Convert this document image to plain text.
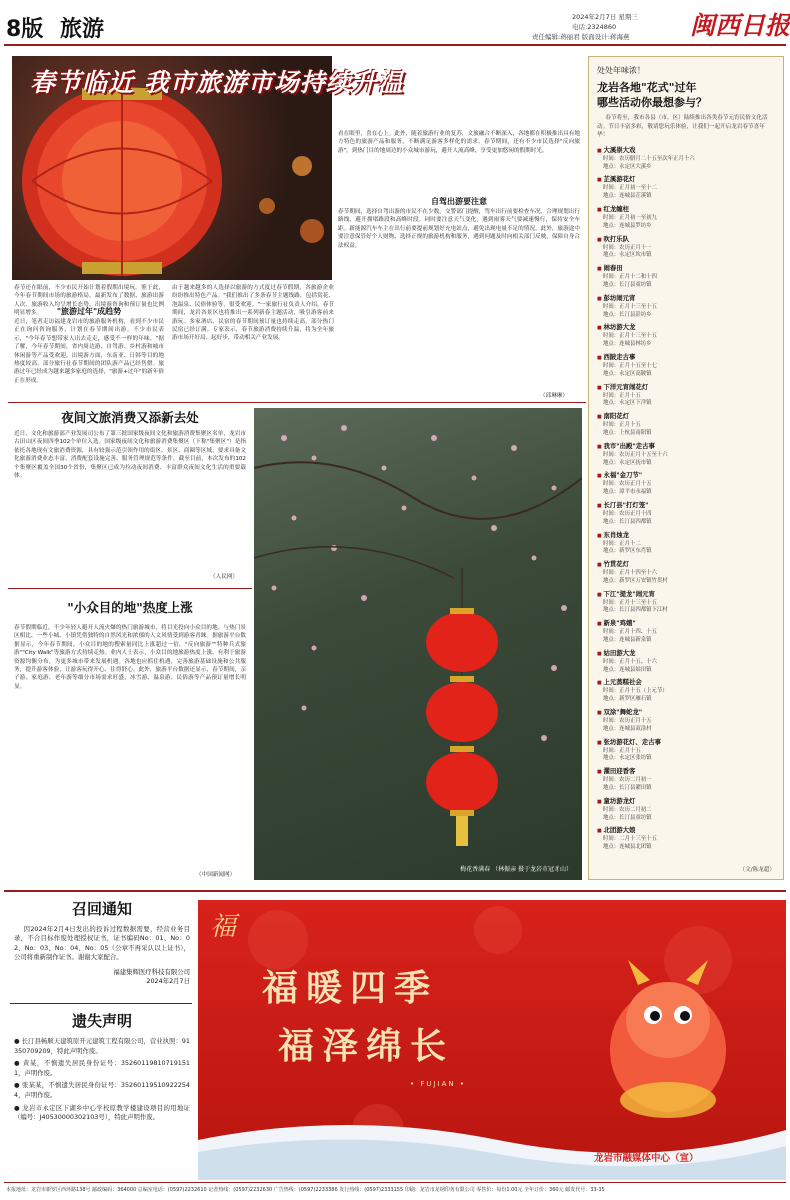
8版 旅游	2024年2月7日 星期三
电话:2324860
责任编辑:蒋丽君 版面设计:蒋海燕 闽西日报
春节临近 我市旅游市场持续升温
春节还在眼前，不少市民开始计划着假期出境玩。鉴于此，今年春节期间市场的旅游格局，最新发布了数据，旅游出游人次、旅游收入均呈增长态势，出境游咨询和预订量也比例明显增多。	"旅游过年"成趋势
近日，笔者走访福建龙岩市的旅游服务机构，看到不少市民正在询问咨询服务，计划在春节期间出游。不少市民表示，"今年春节想带家人出去走走，感受不一样的年味。"据了解，今年春节期间，省内周边游、自驾游、乡村游和城市休闲游等产品受欢迎，出境游方面，东南亚、日韩等目的地热度较高，部分旅行社春节期间的团队游产品已经售罄。旅游过年已经成为越来越多家庭的选择，"旅游+过年"的新年俗正在形成。
由于越来越多的人选择以旅游的方式度过春节假期，各旅游企业纷纷推出特色产品。"我们推出了多条春节主题线路，包括赏花、泡温泉、民俗体验等，很受欢迎。"一家旅行社负责人介绍，春节期间，龙岩各景区也将推出一系列新春主题活动，吸引游客前来游玩。多家酒店、民宿的春节期间预订量也持续走高，部分热门民宿已经订满。专家表示，春节旅游消费持续升温，将为全年旅游市场开好局、起好步，带动相关产业发展。
看在眼里，喜在心上。此外，随着旅游行业的复苏，文旅融合不断深入，各地都在积极推出具有地方特色的旅游产品和服务，不断满足游客多样化的需求。春节期间，还有不少市民选择"反向旅游"，到热门目的地周边的小众城市游玩，避开人流高峰，享受更加悠闲的假期时光。
自驾出游要注意
春节期间，选择自驾出游的市民不在少数。交警部门提醒，驾车出行前要检查车况，合理规划出行路线，避开拥堵路段和高峰时段。同时要注意天气变化，遇到雨雾天气要减速慢行，保持安全车距。新能源汽车车主在出行前要提前规划好充电站点，避免出现电量不足的情况。此外，旅游途中要注意保管好个人财物，选择正规的旅游机构和服务，遇到问题及时向相关部门反映，保障自身合法权益。
（邱琳琳）
夜间文旅消费又添新去处
近日，文化和旅游部产业发展司公布了第三批国家级夜间文化和旅游消费集聚区名单，龙岩市古田山区夜间四季102个单位入选。国家级夜间文化和旅游消费集聚区（下称"集聚区"）是指依托各地现有文旅消费资源，具有较强示范引领作用的街区、景区、商圈等区域，要求具备文化旅游消费业态丰富、消费配套设施完善、服务管理规范等条件。截至目前，本次发布的102个集聚区覆盖全国30个省份，集聚区已成为拉动夜间消费、丰富群众夜间文化生活的重要载体。
（人民网）
"小众目的地"热度上涨
春节假期临近，不少年轻人避开人流火爆的热门旅游城市，将目光投向小众目的地。与热门景区相比，一些小城、小镇凭借独特的自然风光和浓郁的人文风情受到游客青睐。据旅游平台数据显示，今年春节期间，小众目的地的搜索量同比上涨超过一倍，"反向旅游""特种兵式旅游""City Walk"等旅游方式持续走热。业内人士表示，小众目的地旅游热度上涨，有利于旅游资源均衡分布，为更多城市带来发展机遇。各地也应抓住机遇，完善旅游基础设施和公共服务，提升游客体验，让游客玩得开心、住得舒心。此外，旅游平台数据还显示，春节期间，亲子游、家庭游、老年游等细分市场需求旺盛，冰雪游、温泉游、民俗游等产品预订量增长明显。
（中国新闻网）
梅花香满春 （林振亲 摄于龙岩市冠豸山）
处处年味浓！
龙岩各地"花式"过年
哪些活动你最想参与？
春节将至，我市各县（市、区）陆续推出各类春节元宵民俗文化活动。节日丰富多彩，敬请您玩乐体验，让我们一起开启龙岩春节喜年华！
■ 大溪崇大戏
时间：农历腊月二十五至次年正月十六
地点：永定区大溪乡
■ 芷溪游花灯
时间：正月初一至十二
地点：连城县芷溪镇
■ 红龙缠柱
时间：正月初一至初九
地点：连城县罗坊乡
■ 吹打乐队
时间：农历正月十一
地点：永定区坎市镇
■ 闹春田
时间：正月十二和十四
地点：长汀县童坊镇
■ 彭坊闹元宵
时间：正月十三至十五
地点：长汀县彭坊乡
■ 林坊游大龙
时间：正月十三至十五
地点：连城县林坊乡
■ 西陂走古事
时间：正月十五至十七
地点：永定区高陂镇
■ 下洋元宵闹花灯
时间：正月十五
地点：永定区下洋镇
■ 南阳花灯
时间：正月十五
地点：上杭县南阳镇
■ 我市"出殿"走古事
时间：农历正月十五至十六
地点：永定区抚市镇
■ 永福"金刀节"
时间：农历正月十五
地点：漳平市永福镇
■ 长汀县"打灯笼"
时间：农历正月十四
地点：长汀县四都镇
■ 东肖烛龙
时间：正月十二
地点：新罗区东肖镇
■ 竹贯花灯
时间：正月十四至十六
地点：新罗区万安镇竹贯村
■ 下江"提龙"闹元宵
时间：正月十三至十五
地点：长汀县四都镇下江村
■ 新泉"鸡嬉"
时间：正月十四、十五
地点：连城县新泉镇
■ 姑田游大龙
时间：正月十五、十六
地点：连城县姑田镇
■ 上元蒸糕社会
时间：正月十五（上元节）
地点：新罗区雁石镇
■ 双涂"舞蛇龙"
时间：农历正月十五
地点：连城县双涂村
■ 张坊游花灯、走古事
时间：正月十五
地点：永定区张坊镇
■ 濯田迎香客
时间：农历二月初一
地点：长汀县濯田镇
■ 童坊游龙灯
时间：农历二月初二
地点：长汀县童坊镇
■ 北团游大娘
时间：二月十三至十五
地点：连城县北团镇
（文/陈龙超）
召回通知
因2024年2月4日发出的投诉过程数据需要，经营业务目录，不合目标作废处理授权证书，证书编码No：01、No：02、No：03、No：04、No：05（公章不再采认以上证书），公司将重新制作证书。谢谢大家配合。
福建集辉医疗科技有限公司
2024年2月7日
遗失声明
● 长汀县畅顺天建筑原开元建筑工程有限公司，营业执照：91350709209，特此声明作废。
● 黄某，不慎遗失居民身份证号：352601198107191511，声明作废。
● 张某某，不慎遗失居民身份证号：352601195109222544，声明作废。
● 龙岩市永定区下湖乡中心学校原教学楼建设项目的用地证（编号：J40530000302103号），特此声明作废。
福
福暖四季
福泽绵长
• FUJIAN •
龙岩市融媒体中心（宣）
本报地址：龙岩市新罗区西环路138号 邮政编码：364000 总编室电话：(0597)2232610 记者热线：(0597)2232630 广告热线：(0597)2233386 发行热线：(0597)2333155 印刷：龙岩市龙钢印务有限公司 零售价：每份1.00元 全年订价：360元 邮发代号：33-35
